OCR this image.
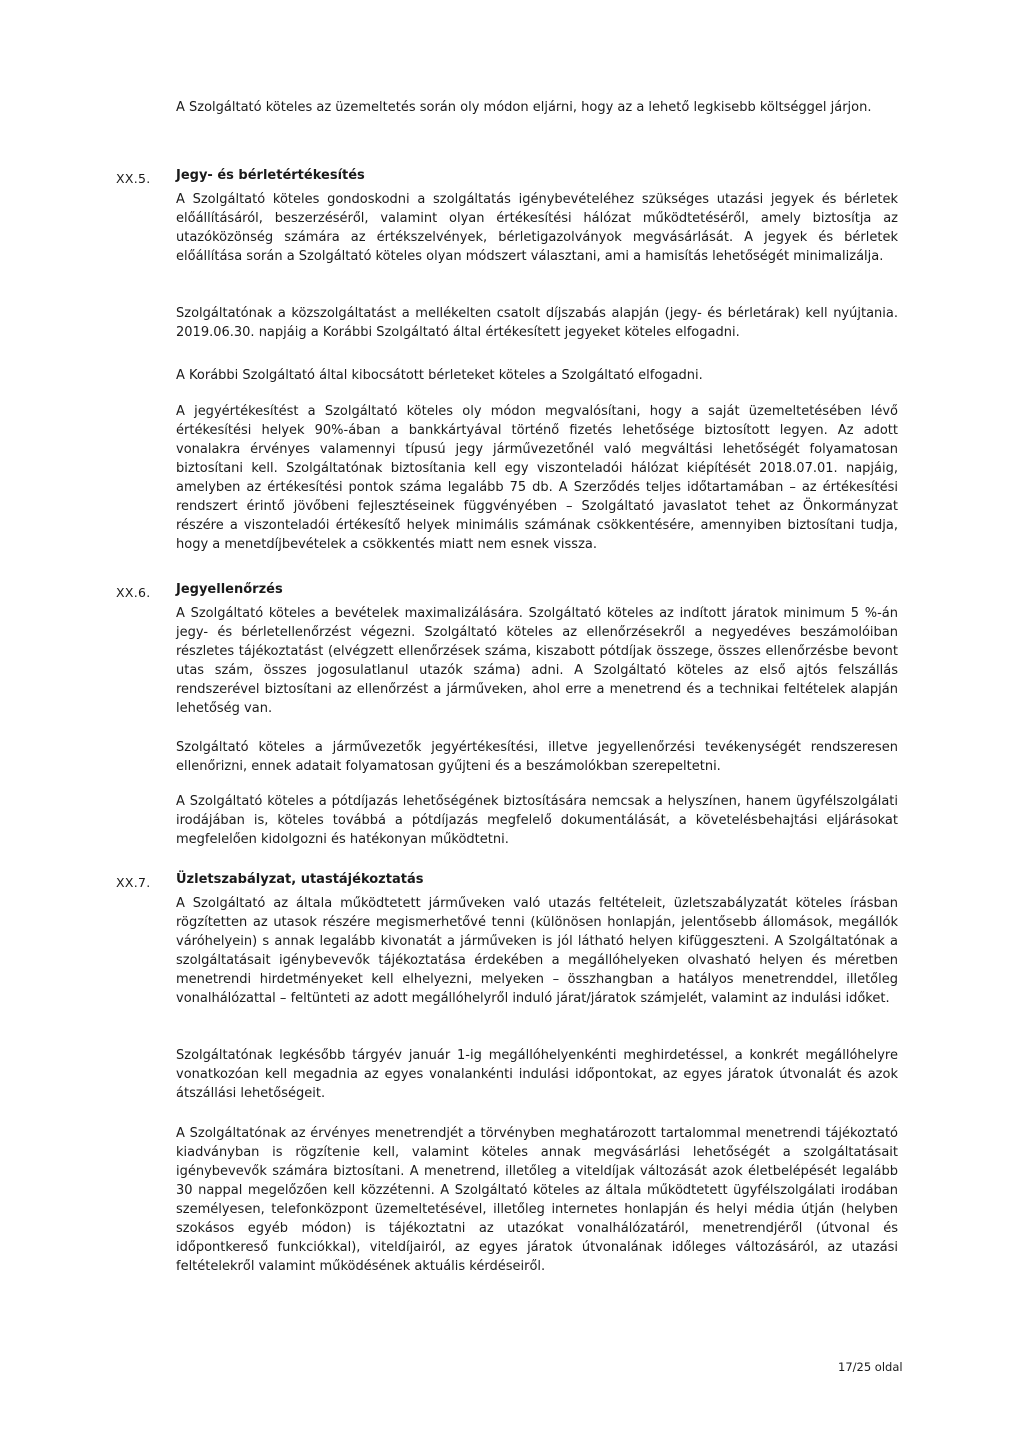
A Szolgáltató köteles az üzemeltetés során oly módon eljárni, hogy az a lehető legkisebb költséggel járjon.

XX.5. Jegy- és bérletértékesítés

A Szolgáltató köteles gondoskodni a szolgáltatás igénybevételéhez szükséges utazási jegyek és bérletek előállításáról, beszerzéséről, valamint olyan értékesítési hálózat működtetéséről, amely biztosítja az utazóközönség számára az értékszelvények, bérletigazolványok megvásárlását. A jegyek és bérletek előállítása során a Szolgáltató köteles olyan módszert választani, ami a hamisítás lehetőségét minimalizálja.

Szolgáltatónak a közszolgáltatást a mellékelten csatolt díjszabás alapján (jegy- és bérletárak) kell nyújtania. 2019.06.30. napjáig a Korábbi Szolgáltató által értékesített jegyeket köteles elfogadni.

A Korábbi Szolgáltató által kibocsátott bérleteket köteles a Szolgáltató elfogadni.

A jegyértékesítést a Szolgáltató köteles oly módon megvalósítani, hogy a saját üzemeltetésében lévő értékesítési helyek 90%-ában a bankkártyával történő fizetés lehetősége biztosított legyen. Az adott vonalakra érvényes valamennyi típusú jegy járművezetőnél való megváltási lehetőségét folyamatosan biztosítani kell. Szolgáltatónak biztosítania kell egy viszonteladói hálózat kiépítését 2018.07.01. napjáig, amelyben az értékesítési pontok száma legalább 75 db. A Szerződés teljes időtartamában – az értékesítési rendszert érintő jövőbeni fejlesztéseinek függvényében – Szolgáltató javaslatot tehet az Önkormányzat részére a viszonteladói értékesítő helyek minimális számának csökkentésére, amennyiben biztosítani tudja, hogy a menetdíjbevételek a csökkentés miatt nem esnek vissza.

XX.6. Jegyellenőrzés

A Szolgáltató köteles a bevételek maximalizálására. Szolgáltató köteles az indított járatok minimum 5 %-án jegy- és bérletellenőrzést végezni. Szolgáltató köteles az ellenőrzésekről a negyedéves beszámolóiban részletes tájékoztatást (elvégzett ellenőrzések száma, kiszabott pótdíjak összege, összes ellenőrzésbe bevont utas szám, összes jogosulatlanul utazók száma) adni. A Szolgáltató köteles az első ajtós felszállás rendszerével biztosítani az ellenőrzést a járműveken, ahol erre a menetrend és a technikai feltételek alapján lehetőség van.

Szolgáltató köteles a járművezetők jegyértékesítési, illetve jegyellenőrzési tevékenységét rendszeresen ellenőrizni, ennek adatait folyamatosan gyűjteni és a beszámolókban szerepeltetni.

A Szolgáltató köteles a pótdíjazás lehetőségének biztosítására nemcsak a helyszínen, hanem ügyfélszolgálati irodájában is, köteles továbbá a pótdíjazás megfelelő dokumentálását, a követelésbehajtási eljárásokat megfelelően kidolgozni és hatékonyan működtetni.

XX.7. Üzletszabályzat, utastájékoztatás

A Szolgáltató az általa működtetett járműveken való utazás feltételeit, üzletszabályzatát köteles írásban rögzítetten az utasok részére megismerhetővé tenni (különösen honlapján, jelentősebb állomások, megállók váróhelyein) s annak legalább kivonatát a járműveken is jól látható helyen kifüggeszteni. A Szolgáltatónak a szolgáltatásait igénybevevők tájékoztatása érdekében a megállóhelyeken olvasható helyen és méretben menetrendi hirdetményeket kell elhelyezni, melyeken – összhangban a hatályos menetrenddel, illetőleg vonalhálózattal – feltünteti az adott megállóhelyről induló járat/járatok számjelét, valamint az indulási időket.

Szolgáltatónak legkésőbb tárgyév január 1-ig megállóhelyenkénti meghirdetéssel, a konkrét megállóhelyre vonatkozóan kell megadnia az egyes vonalankénti indulási időpontokat, az egyes járatok útvonalát és azok átszállási lehetőségeit.

A Szolgáltatónak az érvényes menetrendjét a törvényben meghatározott tartalommal menetrendi tájékoztató kiadványban is rögzítenie kell, valamint köteles annak megvásárlási lehetőségét a szolgáltatásait igénybevevők számára biztosítani. A menetrend, illetőleg a viteldíjak változását azok életbelépését legalább 30 nappal megelőzően kell közzétenni. A Szolgáltató köteles az általa működtetett ügyfélszolgálati irodában személyesen, telefonközpont üzemeltetésével, illetőleg internetes honlapján és helyi média útján (helyben szokásos egyéb módon) is tájékoztatni az utazókat vonalhálózatáról, menetrendjéről (útvonal és időpontkereső funkciókkal), viteldíjairól, az egyes járatok útvonalának időleges változásáról, az utazási feltételekről valamint működésének aktuális kérdéseiről.

17/25 oldal
